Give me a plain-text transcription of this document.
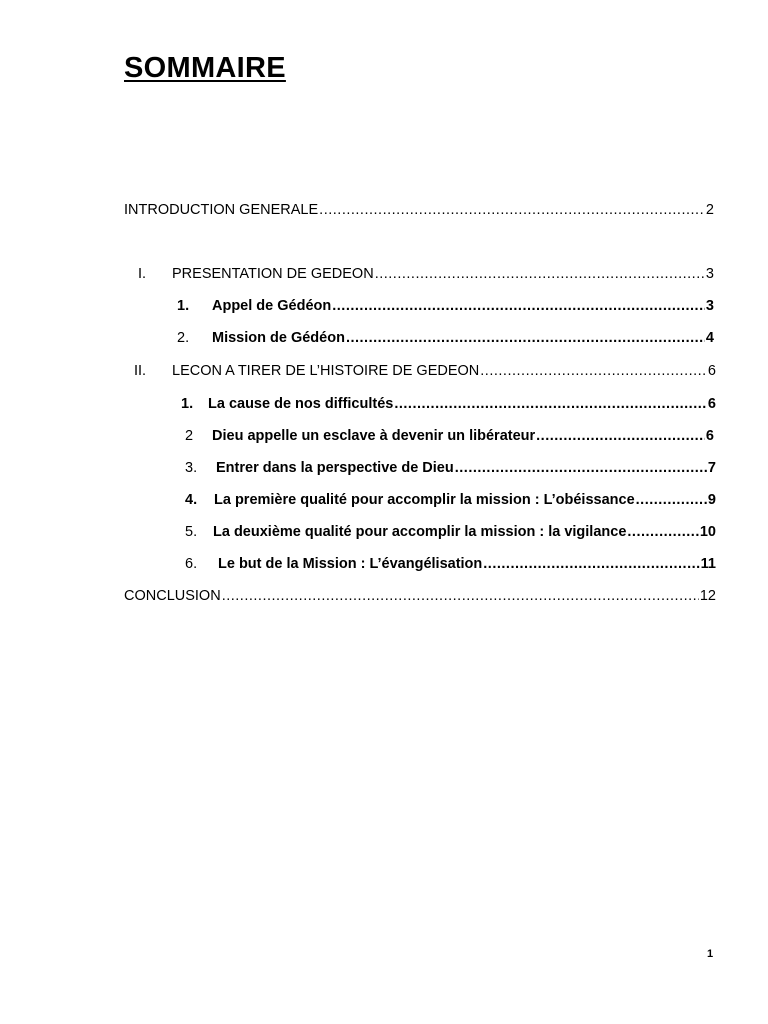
SOMMAIRE
INTRODUCTION GENERALE .....	2
I.	PRESENTATION DE GEDEON .....	3
1.	Appel de Gédéon .....	3
2.	Mission de Gédéon .....	4
II.	LECON A TIRER DE L’HISTOIRE DE GEDEON .....	6
1.	La cause de nos difficultés .....	6
2	Dieu appelle un esclave à devenir un libérateur .....	6
3.	Entrer dans la perspective de Dieu .....	7
4.	La première qualité pour accomplir la mission : L’obéissance .....	9
5.	La deuxième qualité pour accomplir la mission : la vigilance .....	10
6.	Le but de la Mission : L’évangélisation .....	11
CONCLUSION .....	12
1
